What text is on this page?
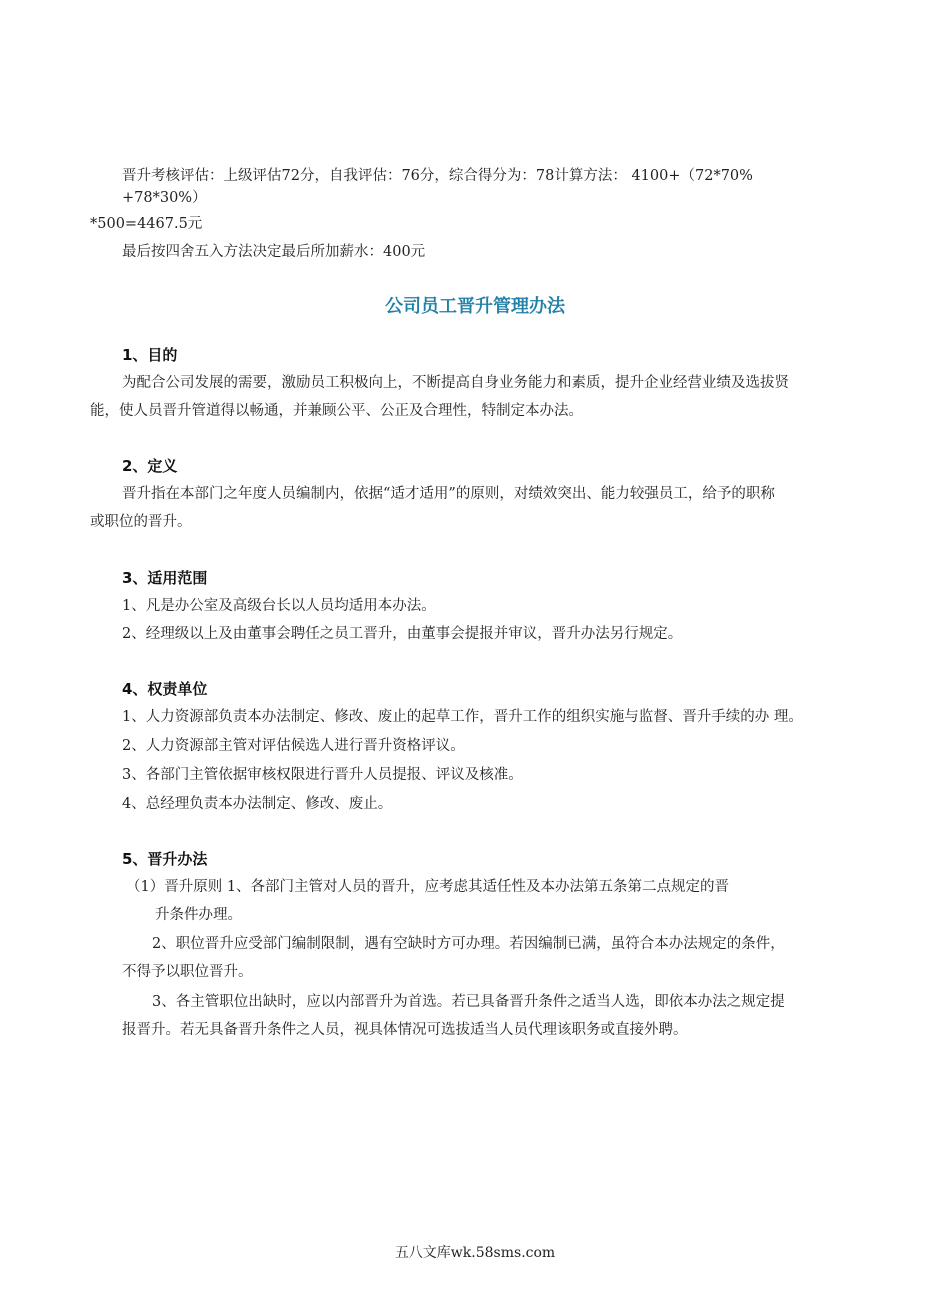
晋升考核评估：上级评估72分，自我评估：76分，综合得分为：78计算方法： 4100+（72*70%
+78*30%）
*500=4467.5元
最后按四舍五入方法决定最后所加薪水：400元
公司员工晋升管理办法
1、目的
为配合公司发展的需要，激励员工积极向上，不断提高自身业务能力和素质，提升企业经营业绩及选拔贤
能，使人员晋升管道得以畅通，并兼顾公平、公正及合理性，特制定本办法。
2、定义
晋升指在本部门之年度人员编制内，依据“适才适用”的原则，对绩效突出、能力较强员工，给予的职称
或职位的晋升。
3、适用范围
1、凡是办公室及高级台长以人员均适用本办法。
2、经理级以上及由董事会聘任之员工晋升，由董事会提报并审议，晋升办法另行规定。
4、权责单位
1、人力资源部负责本办法制定、修改、废止的起草工作，晋升工作的组织实施与监督、晋升手续的办 理。
2、人力资源部主管对评估候选人进行晋升资格评议。
3、各部门主管依据审核权限进行晋升人员提报、评议及核准。
4、总经理负责本办法制定、修改、废止。
5、晋升办法
（1）晋升原则 1、各部门主管对人员的晋升，应考虑其适任性及本办法第五条第二点规定的晋
升条件办理。
2、职位晋升应受部门编制限制，遇有空缺时方可办理。若因编制已满，虽符合本办法规定的条件，
不得予以职位晋升。
3、各主管职位出缺时，应以内部晋升为首选。若已具备晋升条件之适当人选，即依本办法之规定提
报晋升。若无具备晋升条件之人员，视具体情况可选拔适当人员代理该职务或直接外聘。
五八文库wk.58sms.com
